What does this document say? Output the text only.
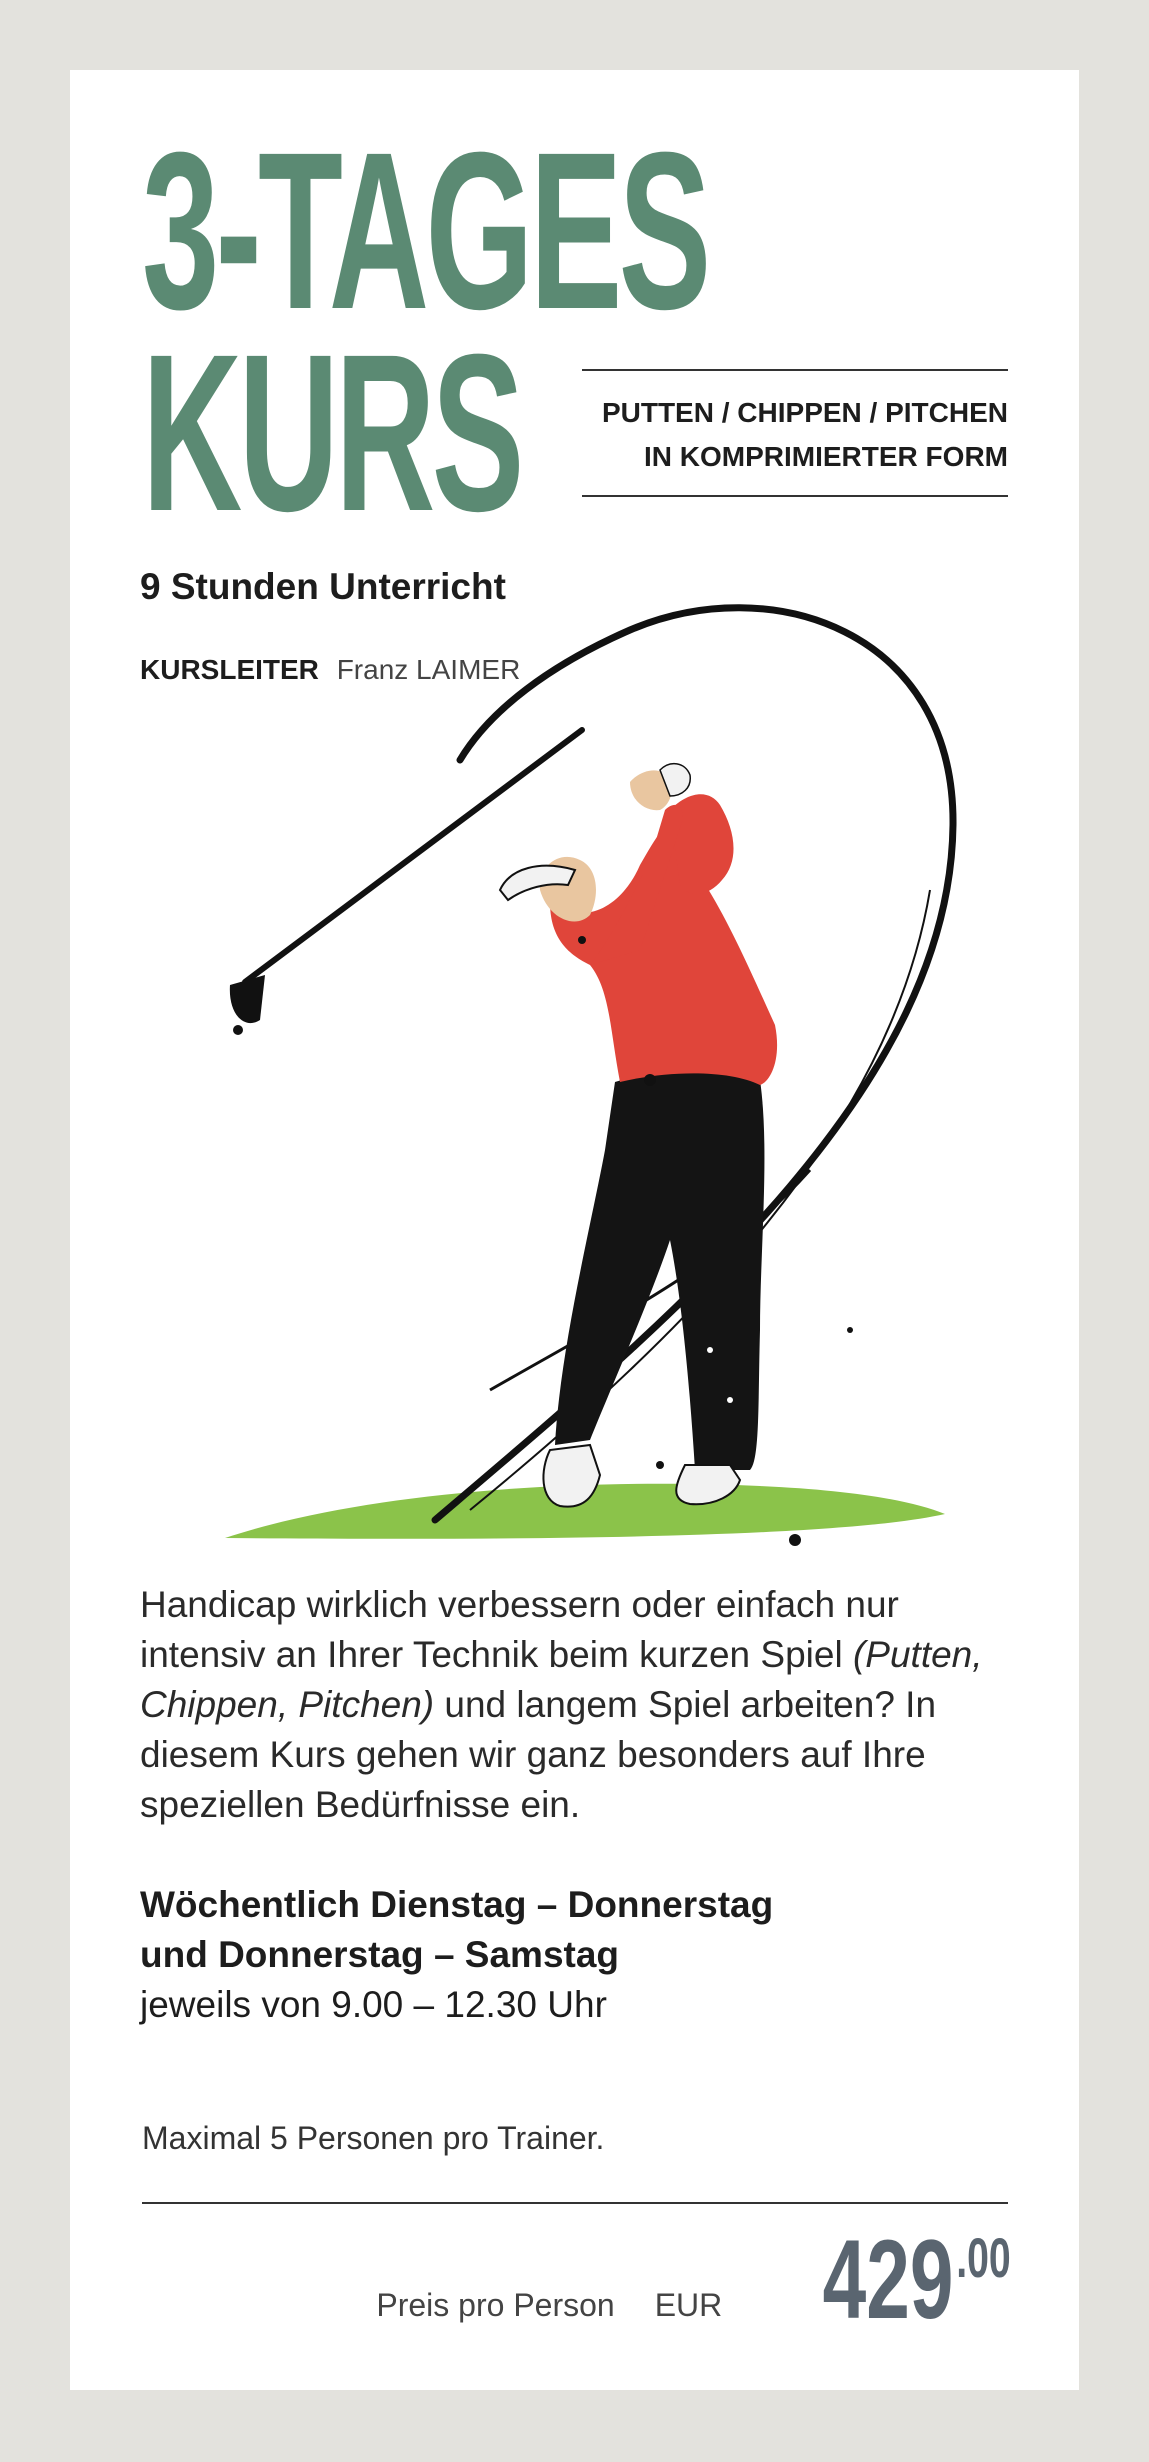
3-TAGES
KURS	PUTTEN / CHIPPEN / PITCHEN
IN KOMPRIMIERTER FORM
9 Stunden Unterricht
KURSLEITER Franz LAIMER
Handicap wirklich verbessern oder einfach nur intensiv an Ihrer Technik beim kurzen Spiel (Putten, Chippen, Pitchen) und langem Spiel arbeiten? In diesem Kurs gehen wir ganz besonders auf Ihre speziellen Bedürfnisse ein.
Wöchentlich Dienstag – Donnerstag
und Donnerstag – Samstag
jeweils von 9.00 – 12.30 Uhr
Maximal 5 Personen pro Trainer.
Preis pro Person EUR 429 .00
